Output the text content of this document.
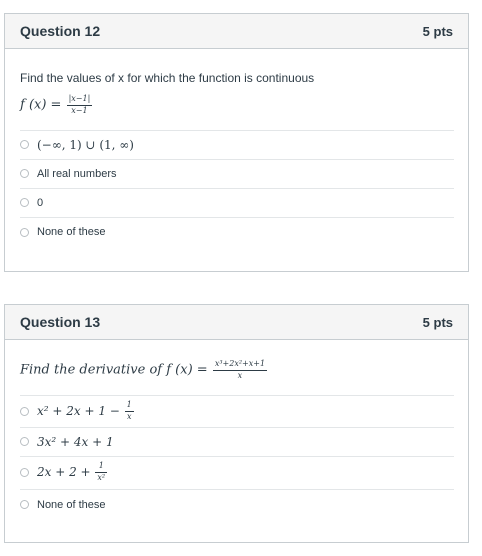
Question 12	5 pts
Find the values of x for which the function is continuous
f $(x) = \frac{|x-1|}{x-1}$
(−∞, 1) ∪ (1, ∞)
All real numbers
0
None of these
Question 13	5 pts
Find the derivative of f $(x) = \frac{\text{x³+2x²+x+1}}{x}$
$x^2 + 2x + 1 - \frac{1}{x}$
3x² + 4x + 1
$2x + 2 + \frac{1}{\text{x²}}$
None of these
